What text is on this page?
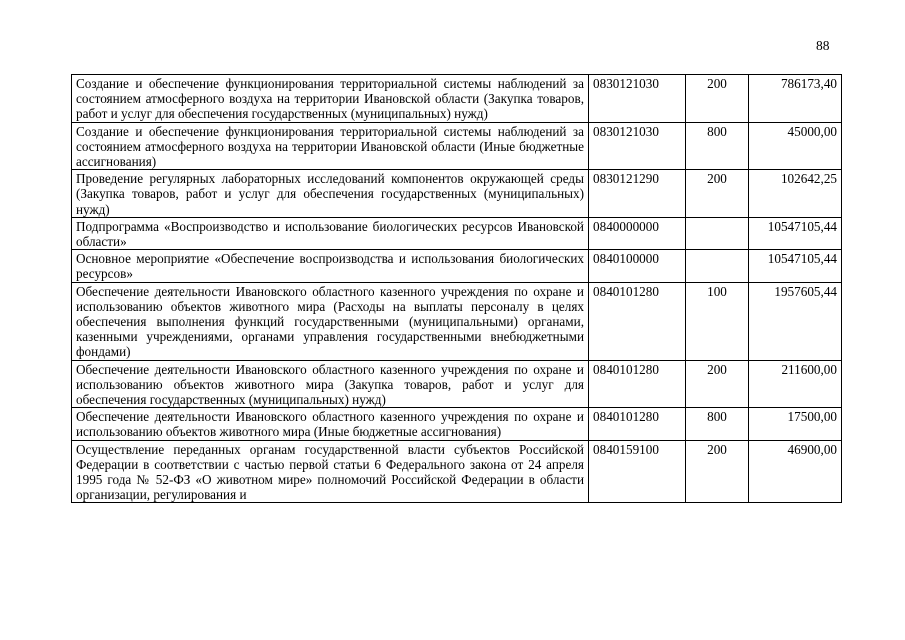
88
Создание и обеспечение функционирования территориальной системы наблюдений за состоянием атмосферного воздуха на территории Ивановской области (Закупка товаров, работ и услуг для обеспечения государственных (муниципальных) нужд)	0830121030	200	786173,40
Создание и обеспечение функционирования территориальной системы наблюдений за состоянием атмосферного воздуха на территории Ивановской области (Иные бюджетные ассигнования)	0830121030	800	45000,00
Проведение регулярных лабораторных исследований компонентов окружающей среды (Закупка товаров, работ и услуг для обеспечения государственных (муниципальных) нужд)	0830121290	200	102642,25
Подпрограмма «Воспроизводство и использование биологических ресурсов Ивановской области»	0840000000		10547105,44
Основное мероприятие «Обеспечение воспроизводства и использования биологических ресурсов»	0840100000		10547105,44
Обеспечение деятельности Ивановского областного казенного учреждения по охране и использованию объектов животного мира (Расходы на выплаты персоналу в целях обеспечения выполнения функций государственными (муниципальными) органами, казенными учреждениями, органами управления государственными внебюджетными фондами)	0840101280	100	1957605,44
Обеспечение деятельности Ивановского областного казенного учреждения по охране и использованию объектов животного мира (Закупка товаров, работ и услуг для обеспечения государственных (муниципальных) нужд)	0840101280	200	211600,00
Обеспечение деятельности Ивановского областного казенного учреждения по охране и использованию объектов животного мира (Иные бюджетные ассигнования)	0840101280	800	17500,00
Осуществление переданных органам государственной власти субъектов Российской Федерации в соответствии с частью первой статьи 6 Федерального закона от 24 апреля 1995 года № 52-ФЗ «О животном мире» полномочий Российской Федерации в области организации, регулирования и	0840159100	200	46900,00
